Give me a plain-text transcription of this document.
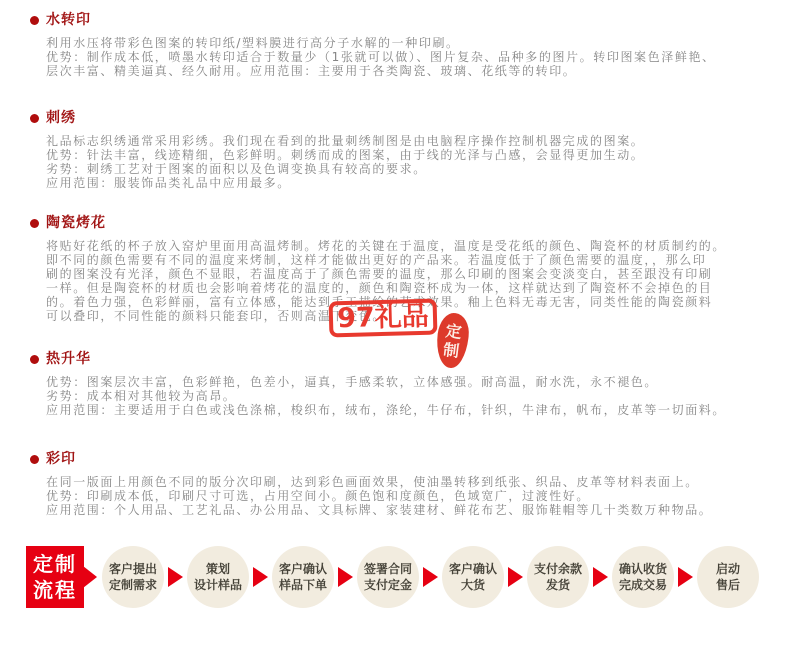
水转印
利用水压将带彩色图案的转印纸/塑料膜进行高分子水解的一种印刷。
优势：制作成本低，喷墨水转印适合于数量少（1张就可以做）、图片复杂、品种多的图片。转印图案色泽鲜艳、
层次丰富、精美逼真、经久耐用。应用范围：主要用于各类陶瓷、玻璃、花纸等的转印。
刺绣
礼品标志织绣通常采用彩绣。我们现在看到的批量刺绣制图是由电脑程序操作控制机器完成的图案。
优势：针法丰富，线迹精细，色彩鲜明。刺绣而成的图案，由于线的光泽与凸感，会显得更加生动。
劣势：刺绣工艺对于图案的面积以及色调变换具有较高的要求。
应用范围：服装饰品类礼品中应用最多。
陶瓷烤花
将贴好花纸的杯子放入窑炉里面用高温烤制。烤花的关键在于温度，温度是受花纸的颜色、陶瓷杯的材质制约的。
即不同的颜色需要有不同的温度来烤制，这样才能做出更好的产品来。若温度低于了颜色需要的温度，，那么印
刷的图案没有光泽，颜色不显眼，若温度高于了颜色需要的温度，那么印刷的图案会变淡变白，甚至跟没有印刷
一样。但是陶瓷杯的材质也会影响着烤花的温度的，颜色和陶瓷杯成为一体，这样就达到了陶瓷杯不会掉色的目
的。着色力强，色彩鲜丽，富有立体感，能达到手工描绘的艺术效果。釉上色料无毒无害，同类性能的陶瓷颜料
可以叠印，不同性能的颜料只能套印，否则高温下变色。
热升华
优势：图案层次丰富，色彩鲜艳，色差小，逼真，手感柔软，立体感强。耐高温，耐水洗，永不褪色。
劣势：成本相对其他较为高昂。
应用范围：主要适用于白色或浅色涤棉，梭织布，绒布，涤纶，牛仔布，针织，牛津布，帆布，皮革等一切面料。
彩印
在同一版面上用颜色不同的版分次印刷，达到彩色画面效果，使油墨转移到纸张、织品、皮革等材料表面上。
优势：印刷成本低，印刷尺寸可选，占用空间小。颜色饱和度颜色，色域宽广，过渡性好。
应用范围：个人用品、工艺礼品、办公用品、文具标牌、家装建材、鲜花布艺、服饰鞋帽等几十类数万种物品。
97礼品 定
制
定制
流程
客户提出
定制需求
策划
设计样品
客户确认
样品下单
签署合同
支付定金
客户确认
大货
支付余款
发货
确认收货
完成交易
启动
售后
